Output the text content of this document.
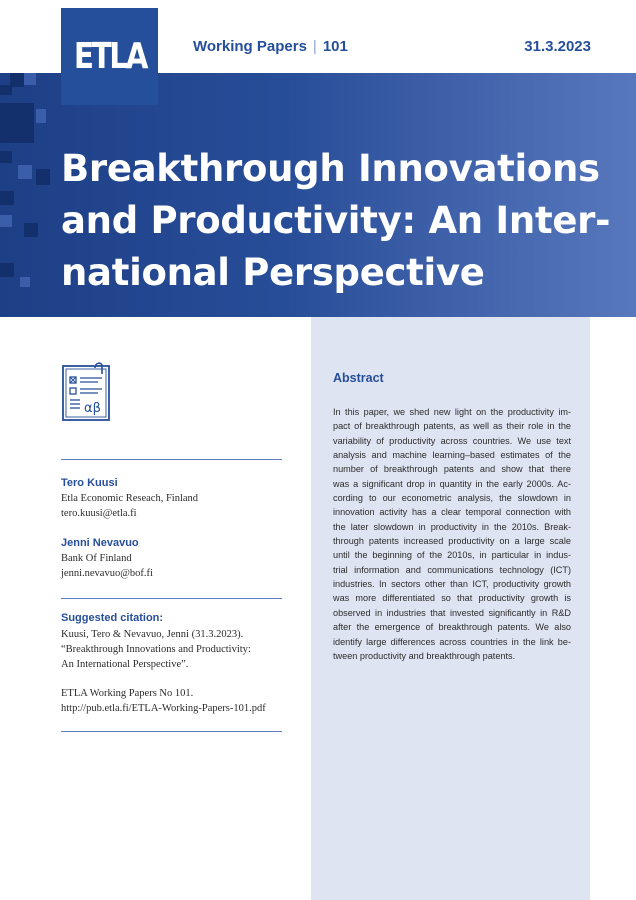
ETLA	Working Papers | 101	31.3.2023
Breakthrough Innovations
and Productivity: An Inter-
national Perspective
αβ
Tero Kuusi
Etla Economic Reseach, Finland
tero.kuusi@etla.fi
Jenni Nevavuo
Bank Of Finland
jenni.nevavuo@bof.fi
Suggested citation:
Kuusi, Tero & Nevavuo, Jenni (31.3.2023).
“Breakthrough Innovations and Productivity:
An International Perspective”.
ETLA Working Papers No 101.
http://pub.etla.fi/ETLA-Working-Papers-101.pdf
Abstract
In this paper, we shed new light on the productivity im-
pact of breakthrough patents, as well as their role in the
variability of productivity across countries. We use text
analysis and machine learning–based estimates of the
number of breakthrough patents and show that there
was a significant drop in quantity in the early 2000s. Ac-
cording to our econometric analysis, the slowdown in
innovation activity has a clear temporal connection with
the later slowdown in productivity in the 2010s. Break-
through patents increased productivity on a large scale
until the beginning of the 2010s, in particular in indus-
trial information and communications technology (ICT)
industries. In sectors other than ICT, productivity growth
was more differentiated so that productivity growth is
observed in industries that invested significantly in R&D
after the emergence of breakthrough patents. We also
identify large differences across countries in the link be-
tween productivity and breakthrough patents.
